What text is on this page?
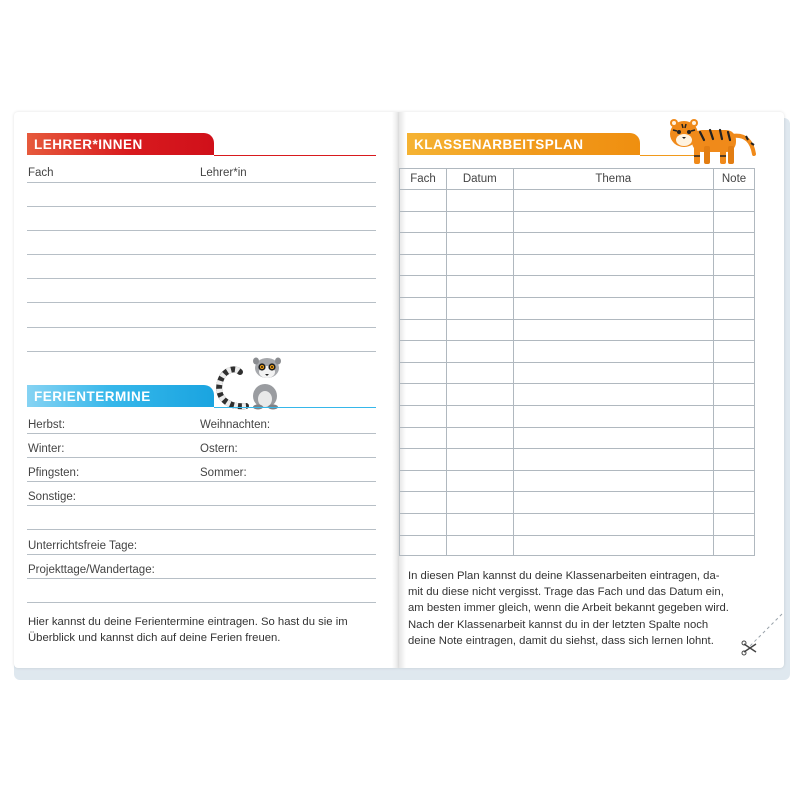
LEHRER*INNEN
Fach	Lehrer*in
FERIENTERMINE
Herbst:	Weihnachten:
Winter:	Ostern:
Pfingsten:	Sommer:
Sonstige:
Unterrichtsfreie Tage:
Projekttage/Wandertage:
Hier kannst du deine Ferientermine eintragen. So hast du sie im
Überblick und kannst dich auf deine Ferien freuen.
KLASSENARBEITSPLAN
Fach	Datum	Thema	Note

In diesen Plan kannst du deine Klassenarbeiten eintragen, da-
mit du diese nicht vergisst. Trage das Fach und das Datum ein,
am besten immer gleich, wenn die Arbeit bekannt gegeben wird.
Nach der Klassenarbeit kannst du in der letzten Spalte noch
deine Note eintragen, damit du siehst, dass sich lernen lohnt.
